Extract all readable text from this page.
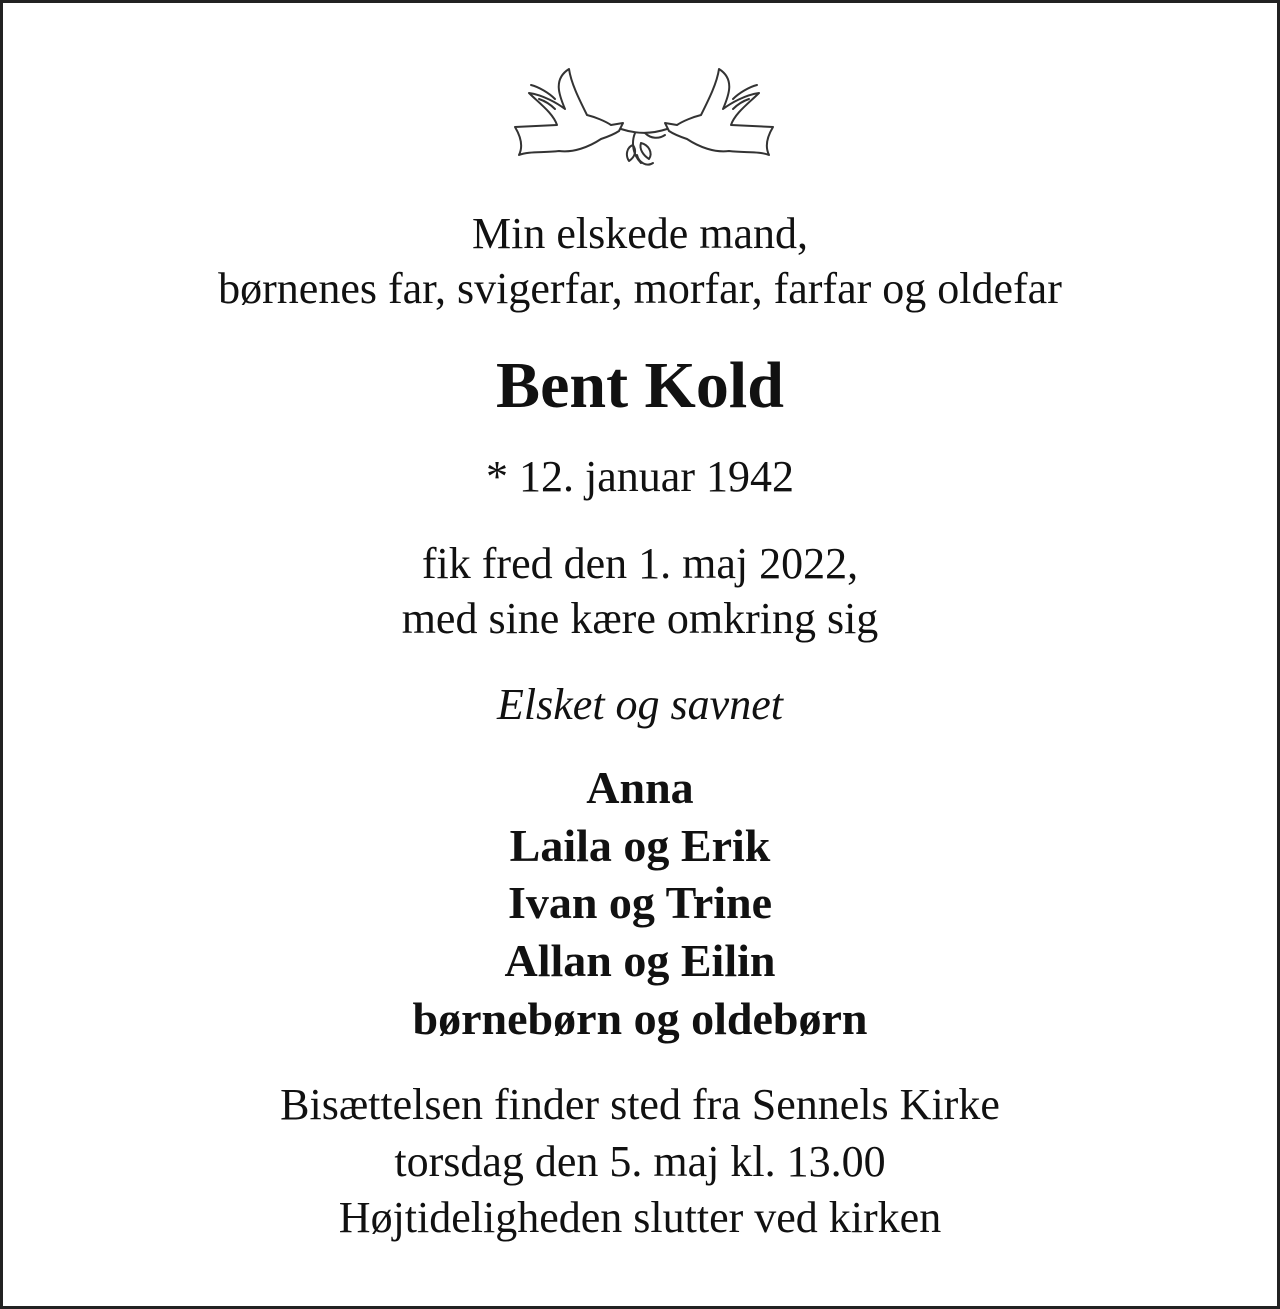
Min elskede mand,
børnenes far, svigerfar, morfar, farfar og oldefar
Bent Kold
* 12. januar 1942
fik fred den 1. maj 2022,
med sine kære omkring sig
Elsket og savnet
Anna
Laila og Erik
Ivan og Trine
Allan og Eilin
børnebørn og oldebørn
Bisættelsen finder sted fra Sennels Kirke
torsdag den 5. maj kl. 13.00
Højtideligheden slutter ved kirken
